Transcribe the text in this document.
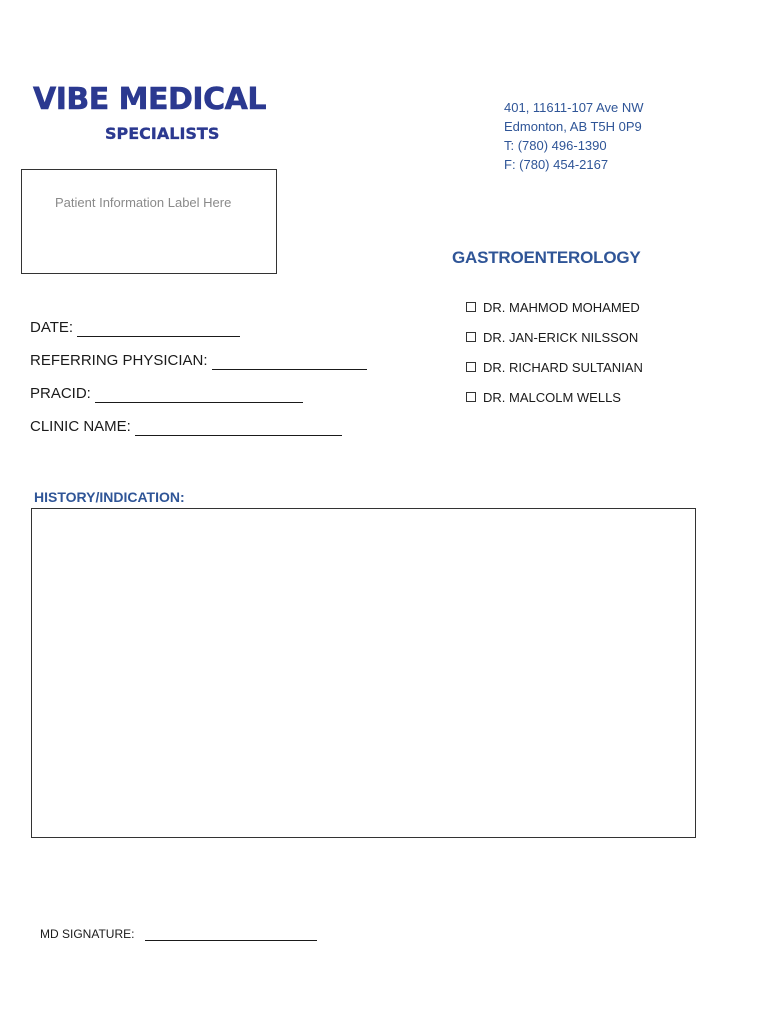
VIBE MEDICAL
SPECIALISTS
401, 11611-107 Ave NW
Edmonton, AB T5H 0P9
T: (780) 496-1390
F: (780) 454-2167
Patient Information Label Here
GASTROENTEROLOGY
DR. MAHMOD MOHAMED
DR. JAN-ERICK NILSSON
DR. RICHARD SULTANIAN
DR. MALCOLM WELLS
DATE:
REFERRING PHYSICIAN:
PRACID:
CLINIC NAME:
HISTORY/INDICATION:
MD SIGNATURE:
